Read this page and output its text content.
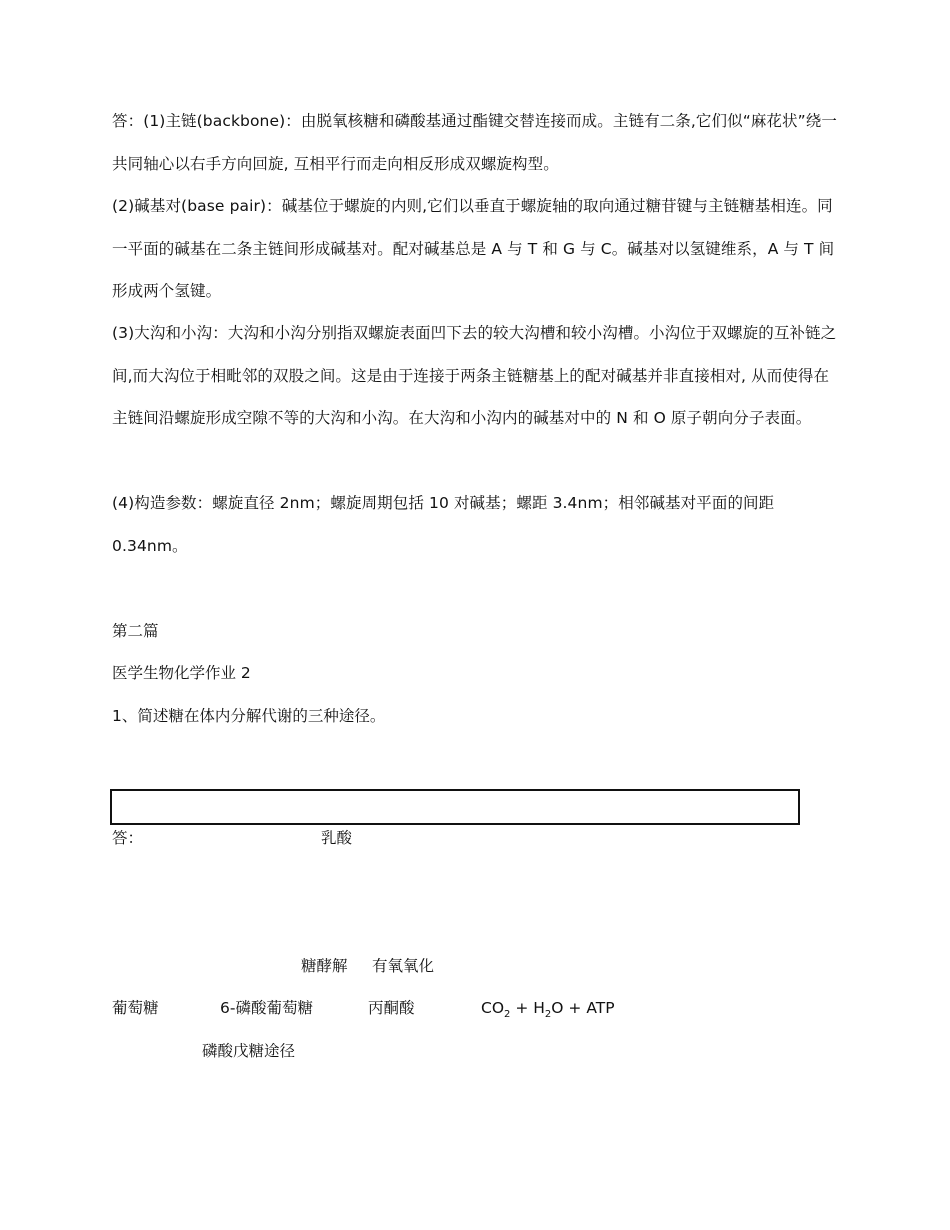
答：(1)主链(backbone)：由脱氧核糖和磷酸基通过酯键交替连接而成。主链有二条,它们似“麻花状”绕一共同轴心以右手方向回旋, 互相平行而走向相反形成双螺旋构型。

(2)碱基对(base pair)：碱基位于螺旋的内则,它们以垂直于螺旋轴的取向通过糖苷键与主链糖基相连。同一平面的碱基在二条主链间形成碱基对。配对碱基总是 A 与 T 和 G 与 C。碱基对以氢键维系，A 与 T 间形成两个氢键。

(3)大沟和小沟：大沟和小沟分别指双螺旋表面凹下去的较大沟槽和较小沟槽。小沟位于双螺旋的互补链之间,而大沟位于相毗邻的双股之间。这是由于连接于两条主链糖基上的配对碱基并非直接相对, 从而使得在主链间沿螺旋形成空隙不等的大沟和小沟。在大沟和小沟内的碱基对中的 N 和 O 原子朝向分子表面。

(4)构造参数：螺旋直径 2nm；螺旋周期包括 10 对碱基；螺距 3.4nm；相邻碱基对平面的间距 0.34nm。

第二篇
医学生物化学作业 2
1、简述糖在体内分解代谢的三种途径。
答：	乳酸
糖酵解 有氧氧化
葡萄糖	6-磷酸葡萄糖	丙酮酸	$CO_2 + H_2O$ + ATP
磷酸戊糖途径
